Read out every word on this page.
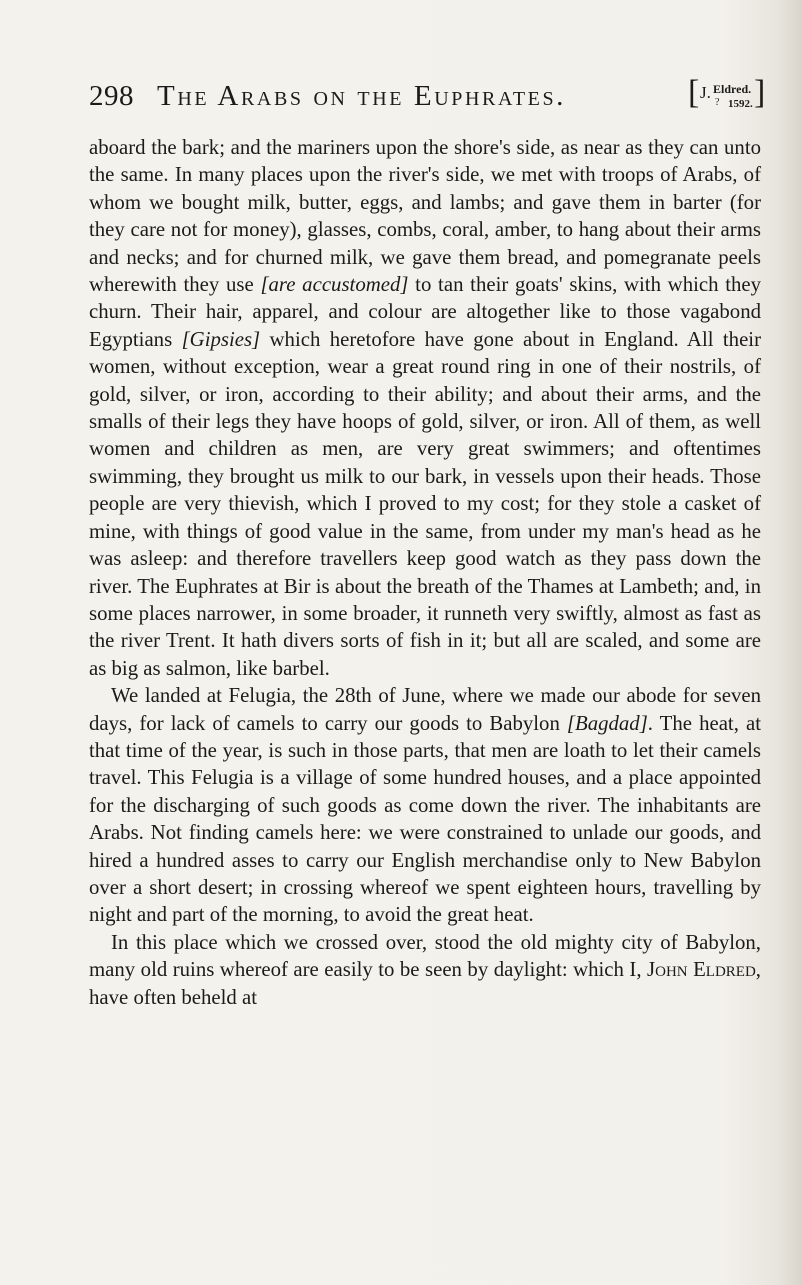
298 The Arabs on the Euphrates.	[ J. Eldred.
? 1592. ]

aboard the bark; and the mariners upon the shore's side, as near as they can unto the same. In many places upon the river's side, we met with troops of Arabs, of whom we bought milk, butter, eggs, and lambs; and gave them in barter (for they care not for money), glasses, combs, coral, amber, to hang about their arms and necks; and for churned milk, we gave them bread, and pomegranate peels wherewith they use [are accustomed] to tan their goats' skins, with which they churn. Their hair, apparel, and colour are altogether like to those vagabond Egyptians [Gipsies] which heretofore have gone about in England. All their women, without exception, wear a great round ring in one of their nostrils, of gold, silver, or iron, according to their ability; and about their arms, and the smalls of their legs they have hoops of gold, silver, or iron. All of them, as well women and children as men, are very great swimmers; and oftentimes swimming, they brought us milk to our bark, in vessels upon their heads. Those people are very thievish, which I proved to my cost; for they stole a casket of mine, with things of good value in the same, from under my man's head as he was asleep: and therefore travellers keep good watch as they pass down the river. The Euphrates at Bir is about the breath of the Thames at Lambeth; and, in some places narrower, in some broader, it runneth very swiftly, almost as fast as the river Trent. It hath divers sorts of fish in it; but all are scaled, and some are as big as salmon, like barbel.

We landed at Felugia, the 28th of June, where we made our abode for seven days, for lack of camels to carry our goods to Babylon [Bagdad]. The heat, at that time of the year, is such in those parts, that men are loath to let their camels travel. This Felugia is a village of some hundred houses, and a place appointed for the discharging of such goods as come down the river. The inhabitants are Arabs. Not finding camels here: we were constrained to unlade our goods, and hired a hundred asses to carry our English merchandise only to New Babylon over a short desert; in crossing whereof we spent eighteen hours, travelling by night and part of the morning, to avoid the great heat.

In this place which we crossed over, stood the old mighty city of Babylon, many old ruins whereof are easily to be seen by daylight: which I, John Eldred, have often beheld at
